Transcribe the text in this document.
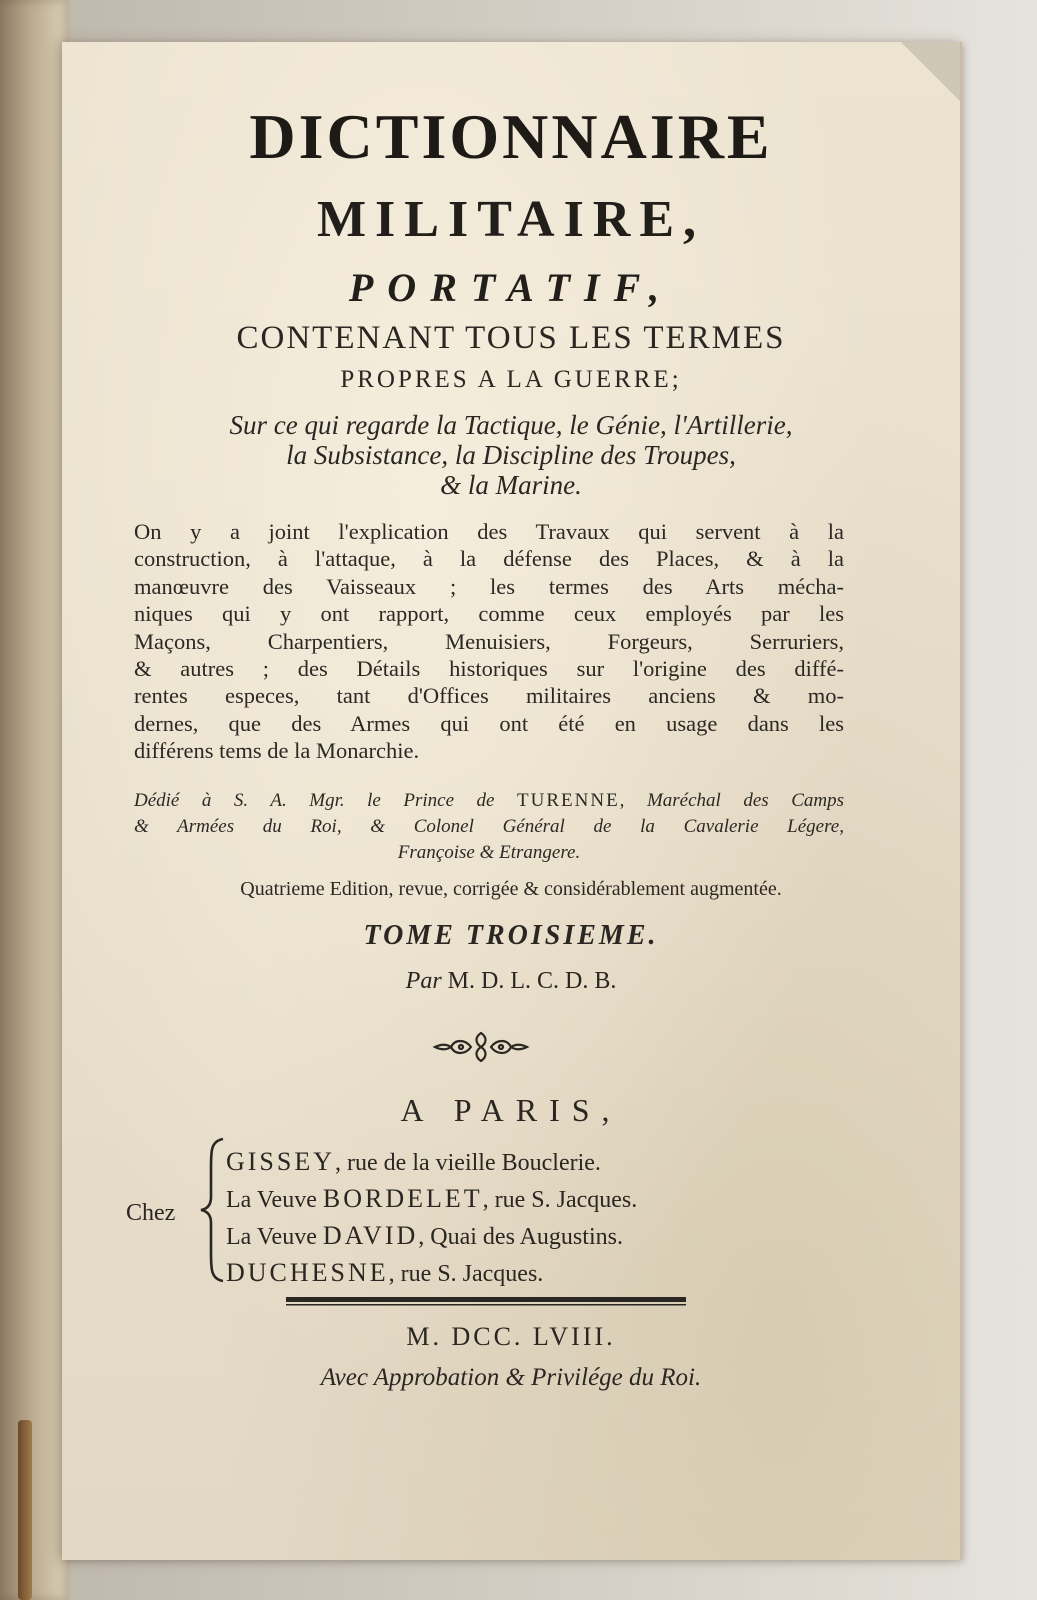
DICTIONNAIRE
MILITAIRE,
PORTATIF,
CONTENANT TOUS LES TERMES
PROPRES A LA GUERRE;
Sur ce qui regarde la Tactique, le Génie, l'Artillerie,
la Subsistance, la Discipline des Troupes,
& la Marine.
On y a joint l'explication des Travaux qui servent à la
construction, à l'attaque, à la défense des Places, & à la
manœuvre des Vaisseaux ; les termes des Arts mécha-
niques qui y ont rapport, comme ceux employés par les
Maçons, Charpentiers, Menuisiers, Forgeurs, Serruriers,
& autres ; des Détails historiques sur l'origine des diffé-
rentes especes, tant d'Offices militaires anciens & mo-
dernes, que des Armes qui ont été en usage dans les
différens tems de la Monarchie.
Dédié à S. A. Mgr. le Prince de TURENNE, Maréchal des Camps
& Armées du Roi, & Colonel Général de la Cavalerie Légere,
Françoise & Etrangere.
Quatrieme Edition, revue, corrigée & considérablement augmentée.
TOME TROISIEME.
Par M. D. L. C. D. B.
A PARIS,
Chez
GISSEY, rue de la vieille Bouclerie.
La Veuve BORDELET, rue S. Jacques.
La Veuve DAVID, Quai des Augustins.
DUCHESNE, rue S. Jacques.
M. DCC. LVIII.
Avec Approbation & Privilége du Roi.
